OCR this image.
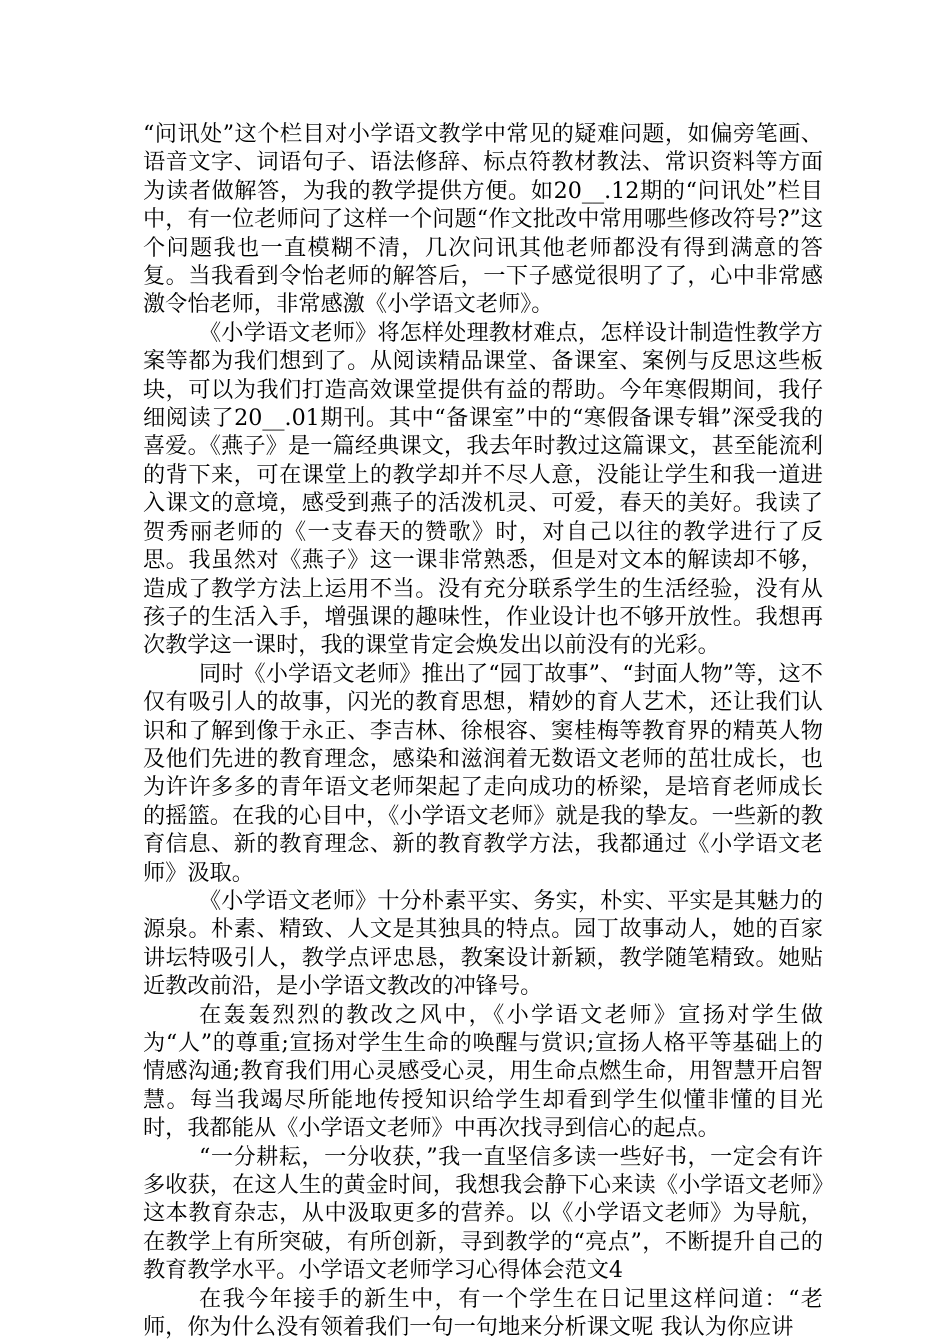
“问讯处”这个栏目对小学语文教学中常见的疑难问题，如偏旁笔画、语音文字、词语句子、语法修辞、标点符教材教法、常识资料等方面为读者做解答，为我的教学提供方便。如20__.12期的“问讯处”栏目中，有一位老师问了这样一个问题“作文批改中常用哪些修改符号?”这个问题我也一直模糊不清，几次问讯其他老师都没有得到满意的答复。当我看到令怡老师的解答后，一下子感觉很明了了，心中非常感激令怡老师，非常感激《小学语文老师》。

《小学语文老师》将怎样处理教材难点，怎样设计制造性教学方案等都为我们想到了。从阅读精品课堂、备课室、案例与反思这些板块，可以为我们打造高效课堂提供有益的帮助。今年寒假期间，我仔细阅读了20__.01期刊。其中“备课室”中的“寒假备课专辑”深受我的喜爱。《燕子》是一篇经典课文，我去年时教过这篇课文，甚至能流利的背下来，可在课堂上的教学却并不尽人意，没能让学生和我一道进入课文的意境，感受到燕子的活泼机灵、可爱，春天的美好。我读了贺秀丽老师的《一支春天的赞歌》时，对自己以往的教学进行了反思。我虽然对《燕子》这一课非常熟悉，但是对文本的解读却不够，造成了教学方法上运用不当。没有充分联系学生的生活经验，没有从孩子的生活入手，增强课的趣味性，作业设计也不够开放性。我想再次教学这一课时，我的课堂肯定会焕发出以前没有的光彩。

同时《小学语文老师》推出了“园丁故事”、“封面人物”等，这不仅有吸引人的故事，闪光的教育思想，精妙的育人艺术，还让我们认识和了解到像于永正、李吉林、徐根容、窦桂梅等教育界的精英人物及他们先进的教育理念，感染和滋润着无数语文老师的茁壮成长，也为许许多多的青年语文老师架起了走向成功的桥梁，是培育老师成长的摇篮。在我的心目中，《小学语文老师》就是我的挚友。一些新的教育信息、新的教育理念、新的教育教学方法，我都通过《小学语文老师》汲取。

《小学语文老师》十分朴素平实、务实，朴实、平实是其魅力的源泉。朴素、精致、人文是其独具的特点。园丁故事动人，她的百家讲坛特吸引人，教学点评忠恳，教案设计新颖，教学随笔精致。她贴近教改前沿，是小学语文教改的冲锋号。

在轰轰烈烈的教改之风中，《小学语文老师》宣扬对学生做为“人”的尊重;宣扬对学生生命的唤醒与赏识;宣扬人格平等基础上的情感沟通;教育我们用心灵感受心灵，用生命点燃生命，用智慧开启智慧。每当我竭尽所能地传授知识给学生却看到学生似懂非懂的目光时，我都能从《小学语文老师》中再次找寻到信心的起点。

“一分耕耘，一分收获，”我一直坚信多读一些好书，一定会有许多收获，在这人生的黄金时间，我想我会静下心来读《小学语文老师》这本教育杂志，从中汲取更多的营养。以《小学语文老师》为导航，在教学上有所突破，有所创新，寻到教学的“亮点”，不断提升自己的教育教学水平。小学语文老师学习心得体会范文4

在我今年接手的新生中，有一个学生在日记里这样问道：“老师，你为什么没有领着我们一句一句地来分析课文呢 我认为你应讲
